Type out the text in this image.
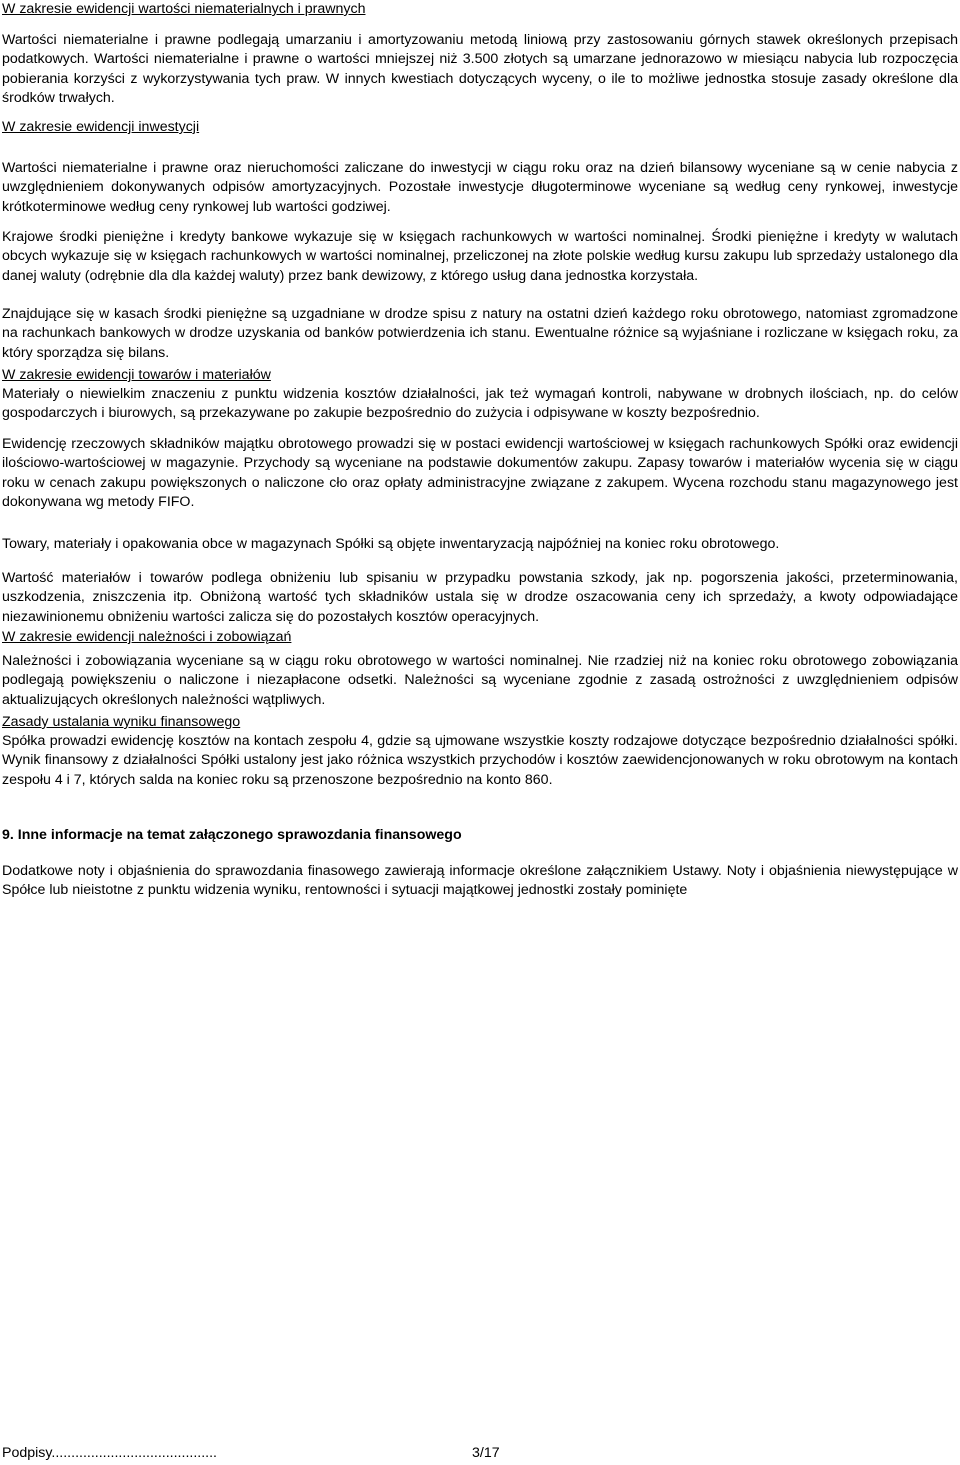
W zakresie ewidencji wartości niematerialnych i prawnych
Wartości niematerialne i prawne podlegają umarzaniu i amortyzowaniu metodą liniową przy zastosowaniu górnych stawek określonych przepisach podatkowych. Wartości niematerialne i prawne o wartości mniejszej niż 3.500 złotych są umarzane jednorazowo w miesiącu nabycia lub rozpoczęcia pobierania korzyści z wykorzystywania tych praw. W innych kwestiach dotyczących wyceny, o ile to możliwe jednostka stosuje zasady określone dla środków trwałych.
W zakresie ewidencji inwestycji
Wartości niematerialne i prawne oraz nieruchomości zaliczane do inwestycji w ciągu roku oraz na dzień bilansowy wyceniane są w cenie nabycia z uwzględnieniem dokonywanych odpisów amortyzacyjnych. Pozostałe inwestycje długoterminowe wyceniane są według ceny rynkowej, inwestycje krótkoterminowe według ceny rynkowej lub wartości godziwej.
Krajowe środki pieniężne i kredyty bankowe wykazuje się w księgach rachunkowych w wartości nominalnej. Środki pieniężne i kredyty w walutach obcych wykazuje się w księgach rachunkowych w wartości nominalnej, przeliczonej na złote polskie według kursu zakupu lub sprzedaży ustalonego dla danej waluty (odrębnie dla dla każdej waluty) przez bank dewizowy, z którego usług dana jednostka korzystała.
Znajdujące się w kasach środki pieniężne są uzgadniane w drodze spisu z natury na ostatni dzień każdego roku obrotowego, natomiast zgromadzone na rachunkach bankowych w drodze uzyskania od banków potwierdzenia ich stanu. Ewentualne różnice są wyjaśniane i rozliczane w księgach roku, za który sporządza się bilans.
W zakresie ewidencji towarów i materiałów
Materiały o niewielkim znaczeniu z punktu widzenia kosztów działalności, jak też wymagań kontroli, nabywane w drobnych ilościach, np. do celów gospodarczych i biurowych, są przekazywane po zakupie bezpośrednio do zużycia i odpisywane w koszty bezpośrednio.
Ewidencję rzeczowych składników majątku obrotowego prowadzi się w postaci ewidencji wartościowej w księgach rachunkowych Spółki oraz ewidencji ilościowo-wartościowej w magazynie. Przychody są wyceniane na podstawie dokumentów zakupu. Zapasy towarów i materiałów wycenia się w ciągu roku w cenach zakupu powiększonych o naliczone cło oraz opłaty administracyjne związane z zakupem. Wycena rozchodu stanu magazynowego jest dokonywana wg metody FIFO.
Towary, materiały i opakowania obce w magazynach Spółki są objęte inwentaryzacją najpóźniej na koniec roku obrotowego.
Wartość materiałów i towarów podlega obniżeniu lub spisaniu w przypadku powstania szkody, jak np. pogorszenia jakości, przeterminowania, uszkodzenia, zniszczenia itp. Obniżoną wartość tych składników ustala się w drodze oszacowania ceny ich sprzedaży, a kwoty odpowiadające niezawinionemu obniżeniu wartości zalicza się do pozostałych kosztów operacyjnych.
W zakresie ewidencji należności i zobowiązań
Należności i zobowiązania wyceniane są w ciągu roku obrotowego w wartości nominalnej. Nie rzadziej niż na koniec roku obrotowego zobowiązania podlegają powiększeniu o naliczone i niezapłacone odsetki. Należności są wyceniane zgodnie z zasadą ostrożności z uwzględnieniem odpisów aktualizujących określonych należności wątpliwych.
Zasady ustalania wyniku finansowego
Spółka prowadzi ewidencję kosztów na kontach zespołu 4, gdzie są ujmowane wszystkie koszty rodzajowe dotyczące bezpośrednio działalności spółki. Wynik finansowy z działalności Spółki ustalony jest jako różnica wszystkich przychodów i kosztów zaewidencjonowanych w roku obrotowym na kontach zespołu 4 i 7, których salda na koniec roku są przenoszone bezpośrednio na konto 860.
9. Inne informacje na temat załączonego sprawozdania finansowego
Dodatkowe noty i objaśnienia do sprawozdania finasowego zawierają informacje określone załącznikiem Ustawy. Noty i objaśnienia niewystępujące w Spółce lub nieistotne z punktu widzenia wyniku, rentowności i sytuacji majątkowej jednostki zostały pominięte
Podpisy..........................................	3/17
